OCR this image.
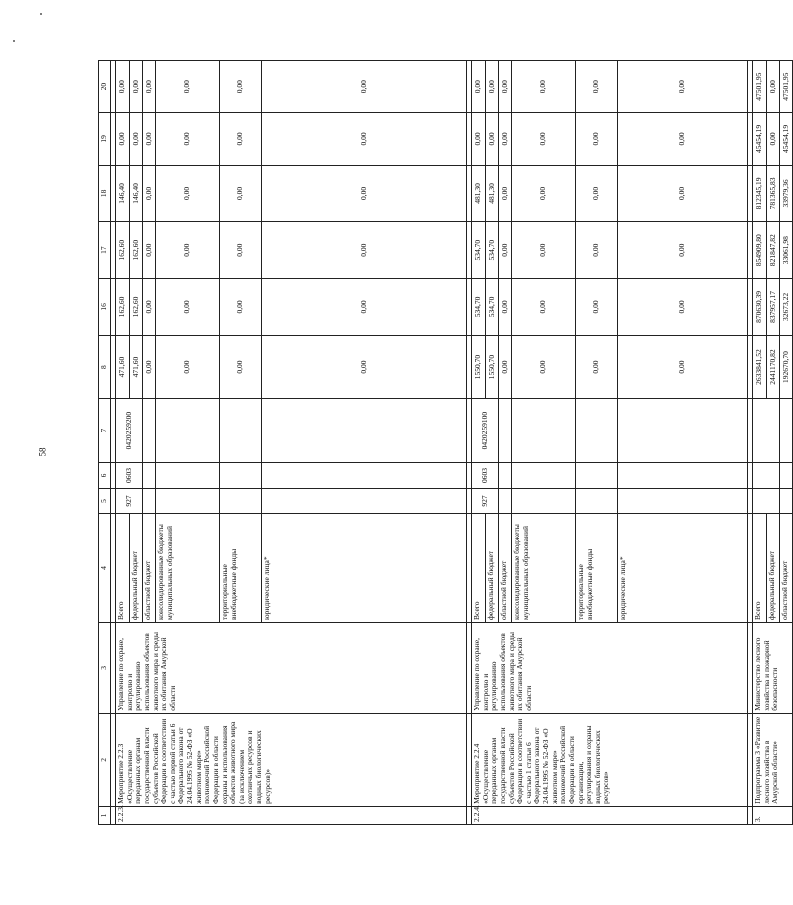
58
1	2	3	4	5	6	7	8	16	17	18	19	20

2.2.3.	Мероприятие 2.2.3 «Осуществление переданных органам государственной власти субъектов Российской Федерации в соответствии с частью первой статьи 6 Федерального закона от 24.04.1995 № 52-ФЗ «О животном мире» полномочий Российской Федерации в области охраны и использования объектов животного мира (за исключением охотничьих ресурсов и водных биологических ресурсов)»	Управление по охране, контролю и регулированию использования объектов животного мира и среды их обитания Амурской области	Всего	927	0603	0420259200	471,60	162,60	162,60	146,40	0,00	0,00
			федеральный бюджет				471,60	162,60	162,60	146,40	0,00	0,00
			областной бюджет				0,00	0,00	0,00	0,00	0,00	0,00
			консолидированные бюджеты муниципальных образований				0,00	0,00	0,00	0,00	0,00	0,00
			территориальные внебюджетные фонды				0,00	0,00	0,00	0,00	0,00	0,00
			юридические лица*				0,00	0,00	0,00	0,00	0,00	0,00

2.2.4.	Мероприятие 2.2.4 «Осуществление переданных органам государственной власти субъектов Российской Федерации в соответствии с частью 1 статьи 6 Федерального закона от 24.04.1995 № 52-ФЗ «О животном мире» полномочий Российской Федерации в области организации, регулирования и охраны водных биологических ресурсов»	Управление по охране, контролю и регулированию использования объектов животного мира и среды их обитания Амурской области	Всего	927	0603	0420259100	1550,70	534,70	534,70	481,30	0,00	0,00
			федеральный бюджет				1550,70	534,70	534,70	481,30	0,00	0,00
			областной бюджет				0,00	0,00	0,00	0,00	0,00	0,00
			консолидированные бюджеты муниципальных образований				0,00	0,00	0,00	0,00	0,00	0,00
			территориальные внебюджетные фонды				0,00	0,00	0,00	0,00	0,00	0,00
			юридические лица*				0,00	0,00	0,00	0,00	0,00	0,00

3.	Подпрограмма 3 «Развитие лесного хозяйства в Амурской области»	Министерство лесного хозяйства и пожарной безопасности	Всего				2633841,52	870630,39	854909,80	812345,19	45454,19	47501,95
			федеральный бюджет				2441170,82	837957,17	821847,82	781365,83	0,00	0,00
			областной бюджет				192670,70	32673,22	33061,98	33979,36	45454,19	47501,95
